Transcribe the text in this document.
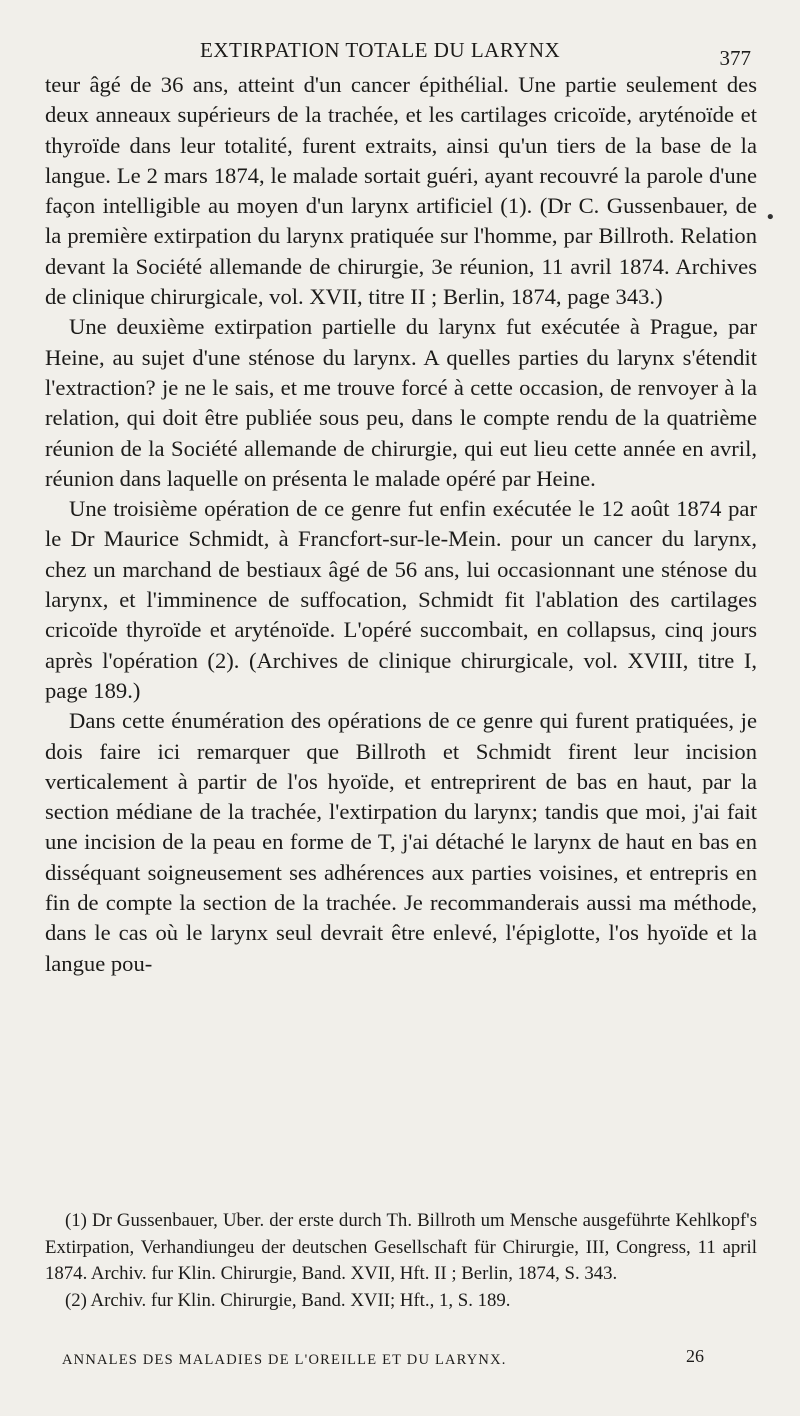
EXTIRPATION TOTALE DU LARYNX	377

teur âgé de 36 ans, atteint d'un cancer épithélial. Une partie seulement des deux anneaux supérieurs de la trachée, et les cartilages cricoïde, aryténoïde et thyroïde dans leur totalité, furent extraits, ainsi qu'un tiers de la base de la langue. Le 2 mars 1874, le malade sortait guéri, ayant recouvré la parole d'une façon intelligible au moyen d'un larynx artificiel (1). (Dr C. Gussenbauer, de la première extirpation du larynx pratiquée sur l'homme, par Billroth. Relation devant la Société allemande de chirurgie, 3e réunion, 11 avril 1874. Archives de clinique chirurgicale, vol. XVII, titre II ; Berlin, 1874, page 343.)

Une deuxième extirpation partielle du larynx fut exécutée à Prague, par Heine, au sujet d'une sténose du larynx. A quelles parties du larynx s'étendit l'extraction? je ne le sais, et me trouve forcé à cette occasion, de renvoyer à la relation, qui doit être publiée sous peu, dans le compte rendu de la quatrième réunion de la Société allemande de chirurgie, qui eut lieu cette année en avril, réunion dans laquelle on présenta le malade opéré par Heine.

Une troisième opération de ce genre fut enfin exécutée le 12 août 1874 par le Dr Maurice Schmidt, à Francfort-sur-le-Mein. pour un cancer du larynx, chez un marchand de bestiaux âgé de 56 ans, lui occasionnant une sténose du larynx, et l'imminence de suffocation, Schmidt fit l'ablation des cartilages cricoïde thyroïde et aryténoïde. L'opéré succombait, en collapsus, cinq jours après l'opération (2). (Archives de clinique chirurgicale, vol. XVIII, titre I, page 189.)

Dans cette énumération des opérations de ce genre qui furent pratiquées, je dois faire ici remarquer que Billroth et Schmidt firent leur incision verticalement à partir de l'os hyoïde, et entreprirent de bas en haut, par la section médiane de la trachée, l'extirpation du larynx; tandis que moi, j'ai fait une incision de la peau en forme de T, j'ai détaché le larynx de haut en bas en disséquant soigneusement ses adhérences aux parties voisines, et entrepris en fin de compte la section de la trachée. Je recommanderais aussi ma méthode, dans le cas où le larynx seul devrait être enlevé, l'épiglotte, l'os hyoïde et la langue pou-

•

(1) Dr Gussenbauer, Uber. der erste durch Th. Billroth um Mensche ausgeführte Kehlkopf's Extirpation, Verhandiungeu der deutschen Gesellschaft für Chirurgie, III, Congress, 11 april 1874. Archiv. fur Klin. Chirurgie, Band. XVII, Hft. II ; Berlin, 1874, S. 343.

(2) Archiv. fur Klin. Chirurgie, Band. XVII; Hft., 1, S. 189.

ANNALES DES MALADIES DE L'OREILLE ET DU LARYNX.	26
